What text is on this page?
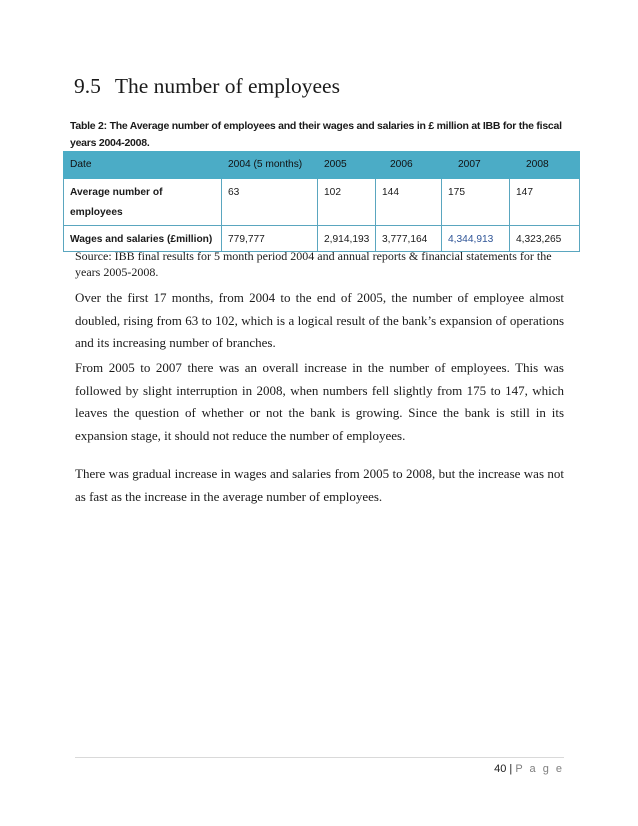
9.5 The number of employees
Table 2: The Average number of employees and their wages and salaries in £ million at IBB for the fiscal years 2004-2008.
Date	2004 (5 months)	2005	2006	2007	2008
Average number of employees	63	102	144	175	147
Wages and salaries (£million)	779,777	2,914,193	3,777,164	4,344,913	4,323,265
Source: IBB final results for 5 month period 2004 and annual reports & financial statements for the years 2005-2008.

Over the first 17 months, from 2004 to the end of 2005, the number of employee almost doubled, rising from 63 to 102, which is a logical result of the bank’s expansion of operations and its increasing number of branches.

From 2005 to 2007 there was an overall increase in the number of employees. This was followed by slight interruption in 2008, when numbers fell slightly from 175 to 147, which leaves the question of whether or not the bank is growing. Since the bank is still in its expansion stage, it should not reduce the number of employees.

There was gradual increase in wages and salaries from 2005 to 2008, but the increase was not as fast as the increase in the average number of employees.

40 | P a g e
